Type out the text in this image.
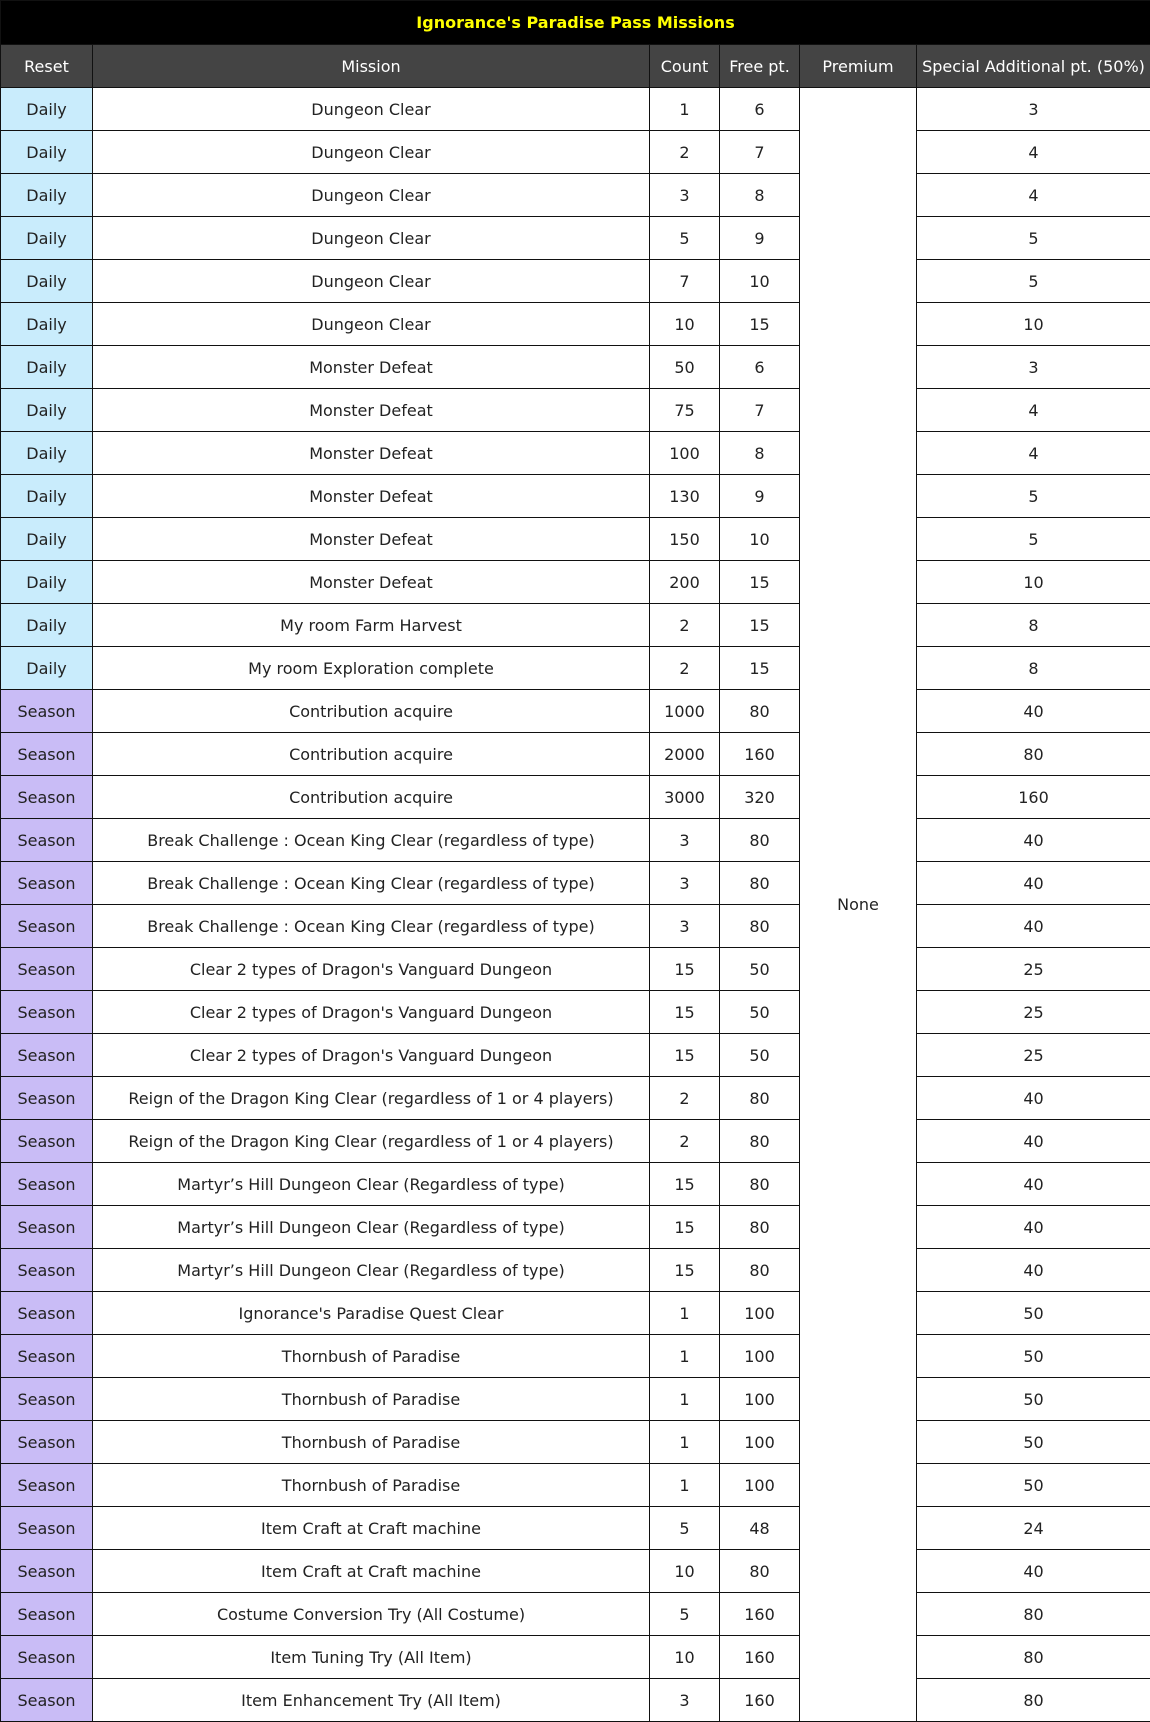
Ignorance's Paradise Pass Missions					
Reset	Mission	Count	Free pt.	Premium	Special Additional pt. (50%)
Daily	Dungeon Clear	1	6	None	3
Daily	Dungeon Clear	2	7		4
Daily	Dungeon Clear	3	8		4
Daily	Dungeon Clear	5	9		5
Daily	Dungeon Clear	7	10		5
Daily	Dungeon Clear	10	15		10
Daily	Monster Defeat	50	6		3
Daily	Monster Defeat	75	7		4
Daily	Monster Defeat	100	8		4
Daily	Monster Defeat	130	9		5
Daily	Monster Defeat	150	10		5
Daily	Monster Defeat	200	15		10
Daily	My room Farm Harvest	2	15		8
Daily	My room Exploration complete	2	15		8
Season	Contribution acquire	1000	80		40
Season	Contribution acquire	2000	160		80
Season	Contribution acquire	3000	320		160
Season	Break Challenge : Ocean King Clear (regardless of type)	3	80		40
Season	Break Challenge : Ocean King Clear (regardless of type)	3	80		40
Season	Break Challenge : Ocean King Clear (regardless of type)	3	80		40
Season	Clear 2 types of Dragon's Vanguard Dungeon	15	50		25
Season	Clear 2 types of Dragon's Vanguard Dungeon	15	50		25
Season	Clear 2 types of Dragon's Vanguard Dungeon	15	50		25
Season	Reign of the Dragon King Clear (regardless of 1 or 4 players)	2	80		40
Season	Reign of the Dragon King Clear (regardless of 1 or 4 players)	2	80		40
Season	Martyr’s Hill Dungeon Clear (Regardless of type)	15	80		40
Season	Martyr’s Hill Dungeon Clear (Regardless of type)	15	80		40
Season	Martyr’s Hill Dungeon Clear (Regardless of type)	15	80		40
Season	Ignorance's Paradise Quest Clear	1	100		50
Season	Thornbush of Paradise	1	100		50
Season	Thornbush of Paradise	1	100		50
Season	Thornbush of Paradise	1	100		50
Season	Thornbush of Paradise	1	100		50
Season	Item Craft at Craft machine	5	48		24
Season	Item Craft at Craft machine	10	80		40
Season	Costume Conversion Try (All Costume)	5	160		80
Season	Item Tuning Try (All Item)	10	160		80
Season	Item Enhancement Try (All Item)	3	160		80
